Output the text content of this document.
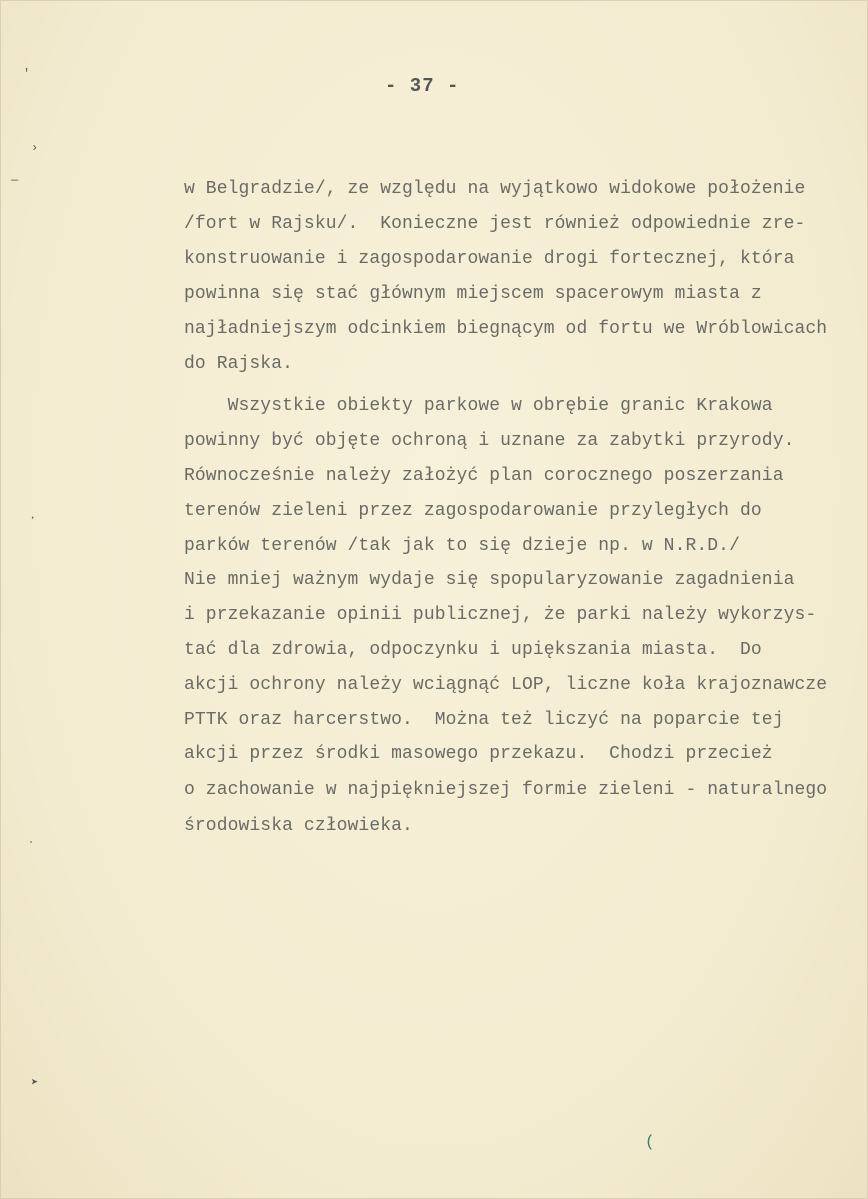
- 37 -
w Belgradzie/, ze względu na wyjątkowo widokowe położenie
/fort w Rajsku/.  Konieczne jest również odpowiednie zre-
konstruowanie i zagospodarowanie drogi fortecznej, która
powinna się stać głównym miejscem spacerowym miasta z
najładniejszym odcinkiem biegnącym od fortu we Wróblowicach
do Rajska.
Wszystkie obiekty parkowe w obrębie granic Krakowa
powinny być objęte ochroną i uznane za zabytki przyrody.
Równocześnie należy założyć plan corocznego poszerzania
terenów zieleni przez zagospodarowanie przyległych do
parków terenów /tak jak to się dzieje np. w N.R.D./
Nie mniej ważnym wydaje się spopularyzowanie zagadnienia
i przekazanie opinii publicznej, że parki należy wykorzys-
tać dla zdrowia, odpoczynku i upiększania miasta.  Do
akcji ochrony należy wciągnąć LOP, liczne koła krajoznawcze
PTTK oraz harcerstwo.  Można też liczyć na poparcie tej
akcji przez środki masowego przekazu.  Chodzi przecież
o zachowanie w najpiękniejszej formie zieleni - naturalnego
środowiska człowieka.
'
›
—
·
˯
➤
(
